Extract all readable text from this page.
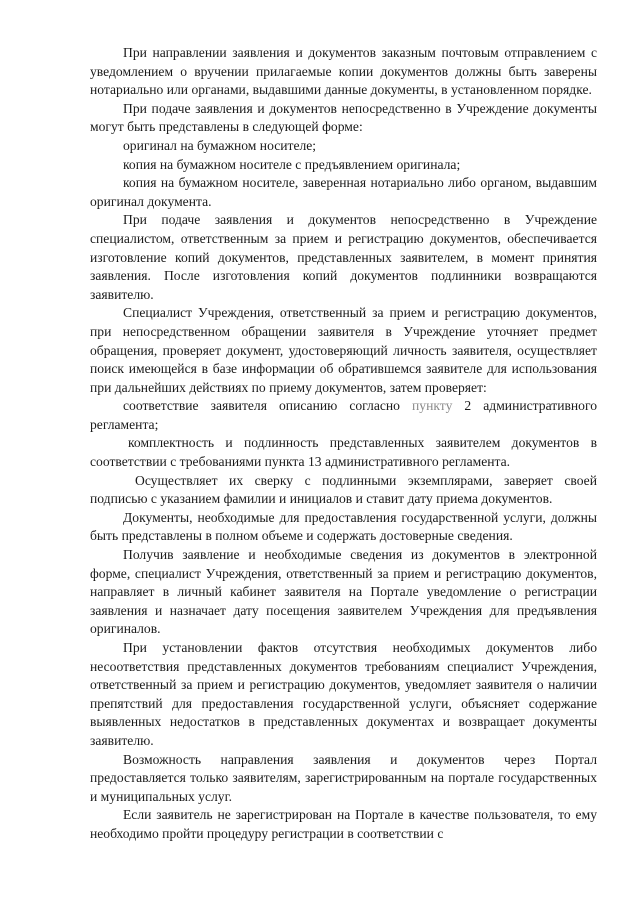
При направлении заявления и документов заказным почтовым отправлением с уведомлением о вручении прилагаемые копии документов должны быть заверены нотариально или органами, выдавшими данные документы, в установленном порядке.

При подаче заявления и документов непосредственно в Учреждение документы могут быть представлены в следующей форме:

оригинал на бумажном носителе;

копия на бумажном носителе с предъявлением оригинала;

копия на бумажном носителе, заверенная нотариально либо органом, выдавшим оригинал документа.

При подаче заявления и документов непосредственно в Учреждение специалистом, ответственным за прием и регистрацию документов, обеспечивается изготовление копий документов, представленных заявителем, в момент принятия заявления. После изготовления копий документов подлинники возвращаются заявителю.

Специалист Учреждения, ответственный за прием и регистрацию документов, при непосредственном обращении заявителя в Учреждение уточняет предмет обращения, проверяет документ, удостоверяющий личность заявителя, осуществляет поиск имеющейся в базе информации об обратившемся заявителе для использования при дальнейших действиях по приему документов, затем проверяет:

соответствие заявителя описанию согласно пункту 2 административного регламента;

комплектность и подлинность представленных заявителем документов в соответствии с требованиями пункта 13 административного регламента.

Осуществляет их сверку с подлинными экземплярами, заверяет своей подписью с указанием фамилии и инициалов и ставит дату приема документов.

Документы, необходимые для предоставления государственной услуги, должны быть представлены в полном объеме и содержать достоверные сведения.

Получив заявление и необходимые сведения из документов в электронной форме, специалист Учреждения, ответственный за прием и регистрацию документов, направляет в личный кабинет заявителя на Портале уведомление о регистрации заявления и назначает дату посещения заявителем Учреждения для предъявления оригиналов.

При установлении фактов отсутствия необходимых документов либо несоответствия представленных документов требованиям специалист Учреждения, ответственный за прием и регистрацию документов, уведомляет заявителя о наличии препятствий для предоставления государственной услуги, объясняет содержание выявленных недостатков в представленных документах и возвращает документы заявителю.

Возможность направления заявления и документов через Портал предоставляется только заявителям, зарегистрированным на портале государственных и муниципальных услуг.

Если заявитель не зарегистрирован на Портале в качестве пользователя, то ему необходимо пройти процедуру регистрации в соответствии с
